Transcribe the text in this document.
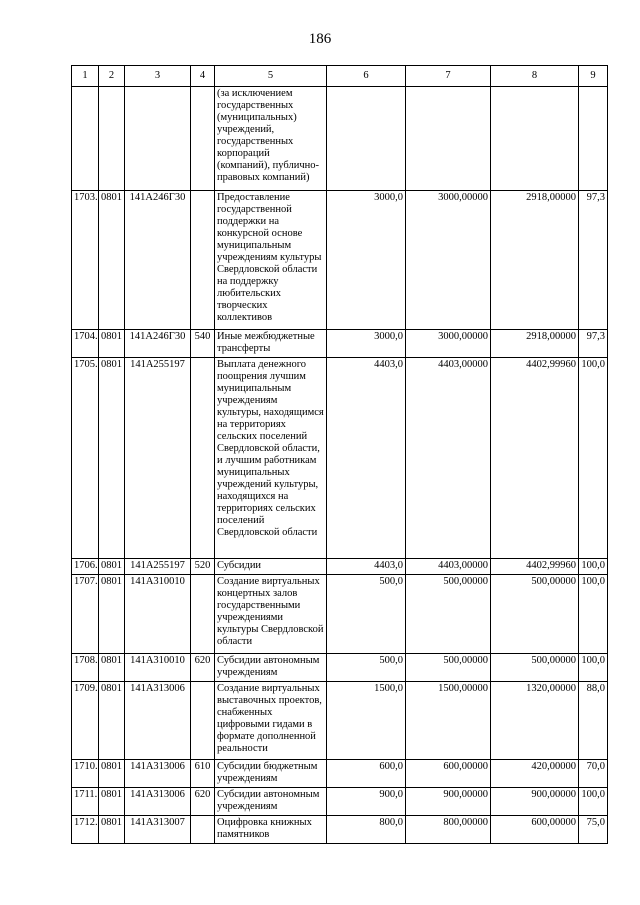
186
1	2	3	4	5	6	7	8	9
				(за исключением государственных (муниципальных) учреждений, государственных корпораций (компаний), публично-правовых компаний)				
1703.	0801	141А246Г30		Предоставление государственной поддержки на конкурсной основе муниципальным учреждениям культуры Свердловской области на поддержку любительских творческих коллективов	3000,0	3000,00000	2918,00000	97,3
1704.	0801	141А246Г30	540	Иные межбюджетные трансферты	3000,0	3000,00000	2918,00000	97,3
1705.	0801	141А255197		Выплата денежного поощрения лучшим муниципальным учреждениям культуры, находящимся на территориях сельских поселений Свердловской области, и лучшим работникам муниципальных учреждений культуры, находящихся на территориях сельских поселений Свердловской области	4403,0	4403,00000	4402,99960	100,0
1706.	0801	141А255197	520	Субсидии	4403,0	4403,00000	4402,99960	100,0
1707.	0801	141А310010		Создание виртуальных концертных залов государственными учреждениями культуры Свердловской области	500,0	500,00000	500,00000	100,0
1708.	0801	141А310010	620	Субсидии автономным учреждениям	500,0	500,00000	500,00000	100,0
1709.	0801	141А313006		Создание виртуальных выставочных проектов, снабженных цифровыми гидами в формате дополненной реальности	1500,0	1500,00000	1320,00000	88,0
1710.	0801	141А313006	610	Субсидии бюджетным учреждениям	600,0	600,00000	420,00000	70,0
1711.	0801	141А313006	620	Субсидии автономным учреждениям	900,0	900,00000	900,00000	100,0
1712.	0801	141А313007		Оцифровка книжных памятников	800,0	800,00000	600,00000	75,0
